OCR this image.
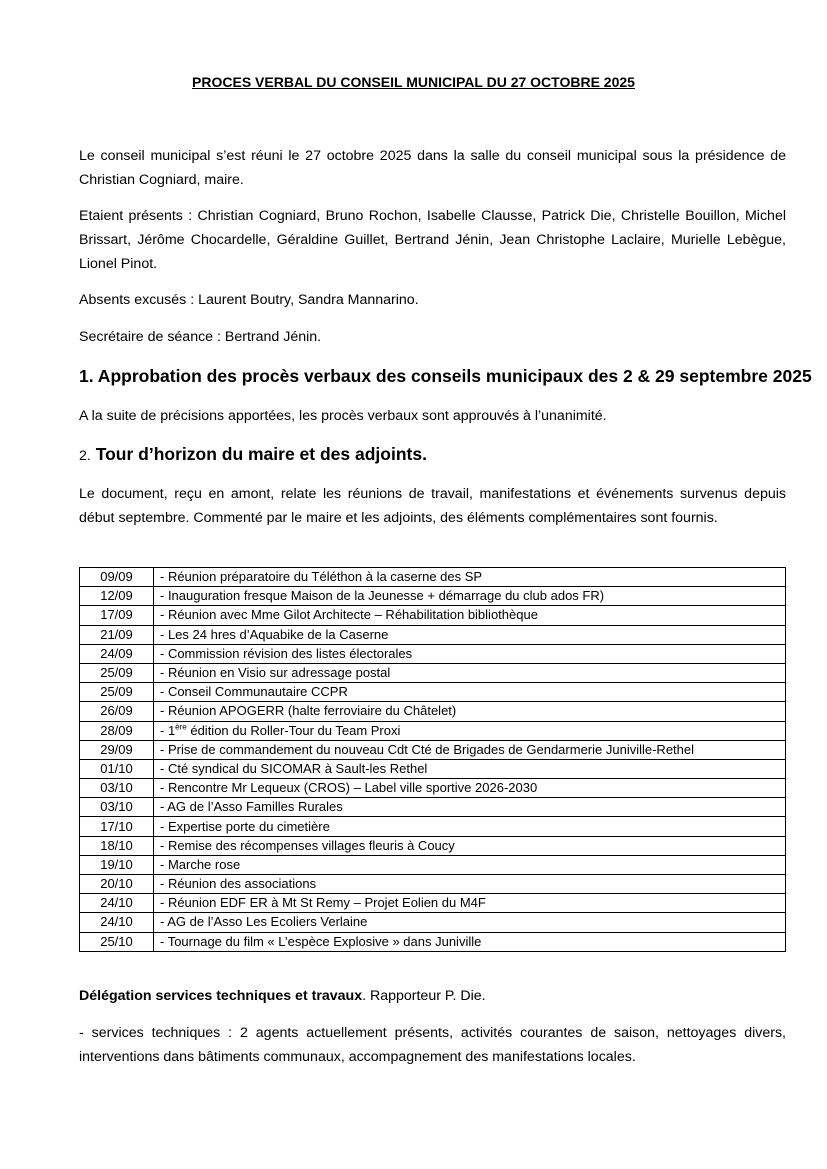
PROCES VERBAL DU CONSEIL MUNICIPAL DU 27 OCTOBRE 2025
Le conseil municipal s’est réuni le 27 octobre 2025 dans la salle du conseil municipal sous la présidence de Christian Cogniard, maire.
Etaient présents : Christian Cogniard, Bruno Rochon, Isabelle Clausse, Patrick Die, Christelle Bouillon, Michel Brissart, Jérôme Chocardelle, Géraldine Guillet, Bertrand Jénin, Jean Christophe Laclaire, Murielle Lebègue, Lionel Pinot.
Absents excusés : Laurent Boutry, Sandra Mannarino.
Secrétaire de séance : Bertrand Jénin.
1. Approbation des procès verbaux des conseils municipaux des 2 & 29 septembre 2025
A la suite de précisions apportées, les procès verbaux sont approuvés à l’unanimité.
2. Tour d’horizon du maire et des adjoints.
Le document, reçu en amont, relate les réunions de travail, manifestations et événements survenus depuis début septembre. Commenté par le maire et les adjoints, des éléments complémentaires sont fournis.
09/09	- Réunion préparatoire du Téléthon à la caserne des SP
12/09	- Inauguration fresque Maison de la Jeunesse + démarrage du club ados FR)
17/09	- Réunion avec Mme Gilot Architecte – Réhabilitation bibliothèque
21/09	- Les 24 hres d’Aquabike de la Caserne
24/09	- Commission révision des listes électorales
25/09	- Réunion en Visio sur adressage postal
25/09	- Conseil Communautaire CCPR
26/09	- Réunion APOGERR (halte ferroviaire du Châtelet)
28/09	- 1ère édition du Roller-Tour du Team Proxi
29/09	- Prise de commandement du nouveau Cdt Cté de Brigades de Gendarmerie Juniville-Rethel
01/10	- Cté syndical du SICOMAR à Sault-les Rethel
03/10	- Rencontre Mr Lequeux (CROS) – Label ville sportive 2026-2030
03/10	- AG de l’Asso Familles Rurales
17/10	- Expertise porte du cimetière
18/10	- Remise des récompenses villages fleuris à Coucy
19/10	- Marche rose
20/10	- Réunion des associations
24/10	- Réunion EDF ER à Mt St Remy – Projet Eolien du M4F
24/10	- AG de l’Asso Les Ecoliers Verlaine
25/10	- Tournage du film « L’espèce Explosive » dans Juniville
Délégation services techniques et travaux. Rapporteur P. Die.
- services techniques : 2 agents actuellement présents, activités courantes de saison, nettoyages divers, interventions dans bâtiments communaux, accompagnement des manifestations locales.
